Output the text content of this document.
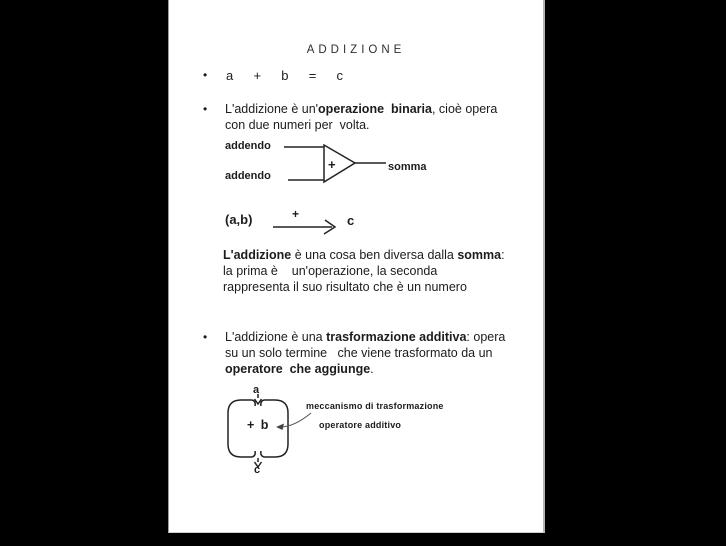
ADDIZIONE
• a  +  b  =  c
• L'addizione è un'operazione  binaria, cioè opera
con due numeri per  volta.
addendo
addendo
somma
+
(a,b)	+	c
L'addizione è una cosa ben diversa dalla somma:
la prima è    un'operazione, la seconda
rappresenta il suo risultato che è un numero
• L'addizione è una trasformazione additiva: opera
su un solo termine   che viene trasformato da un
operatore  che aggiunge.
a
+ b
c
meccanismo di trasformazione
operatore additivo
